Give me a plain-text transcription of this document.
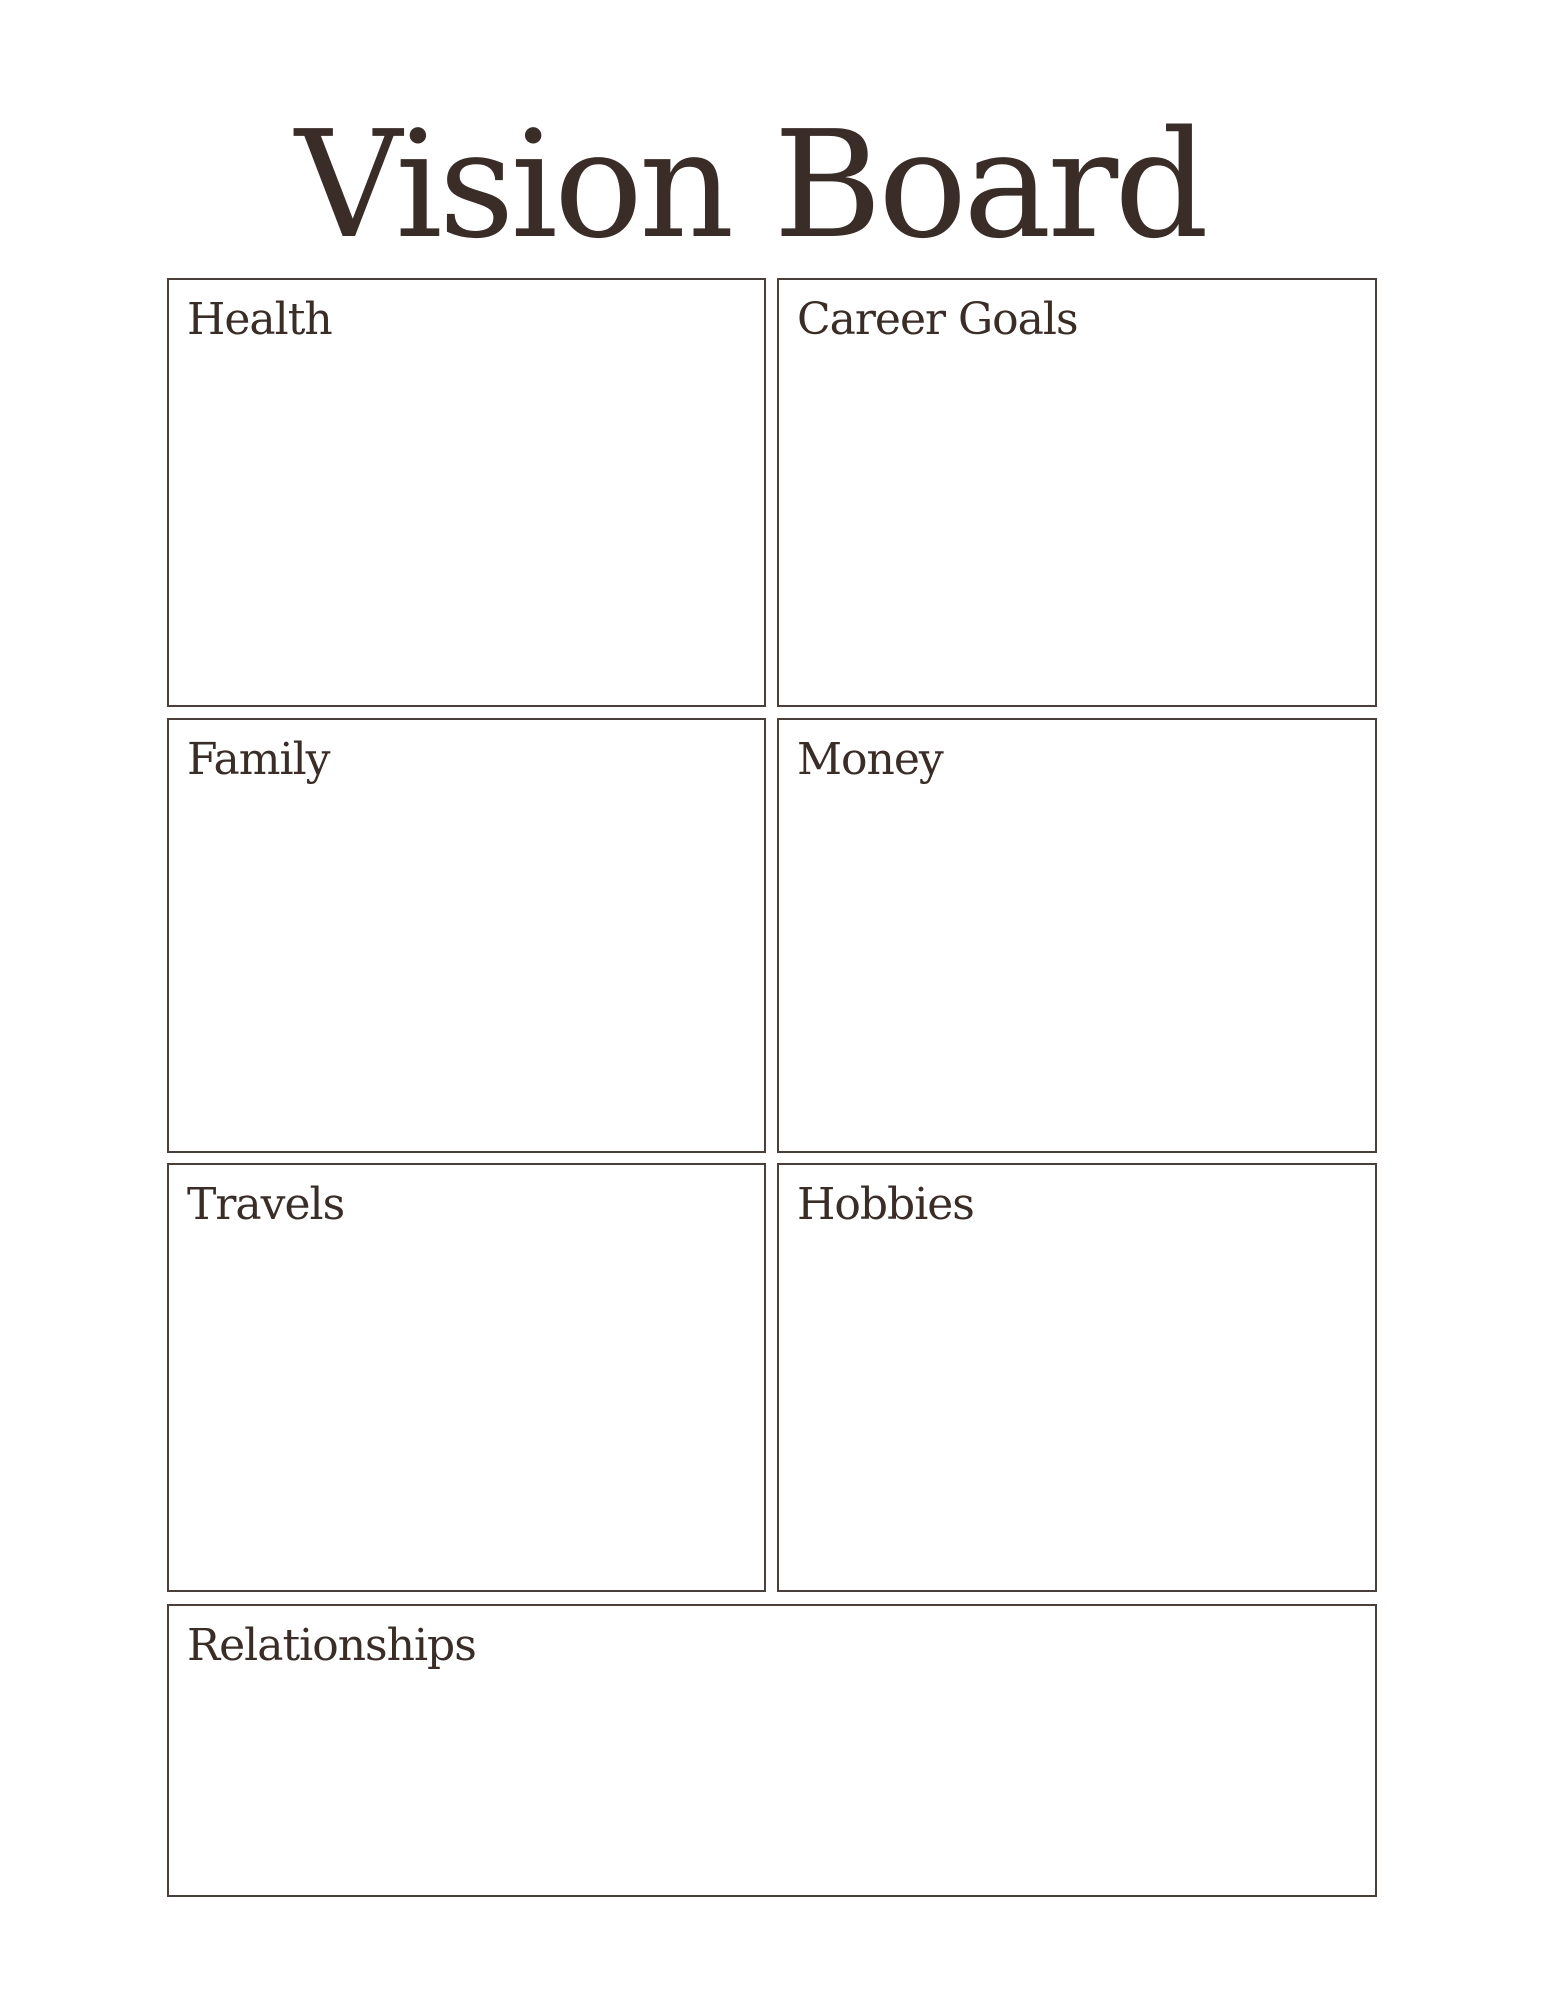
Vision Board
Health	Career Goals
Family	Money
Travels	Hobbies
Relationships
